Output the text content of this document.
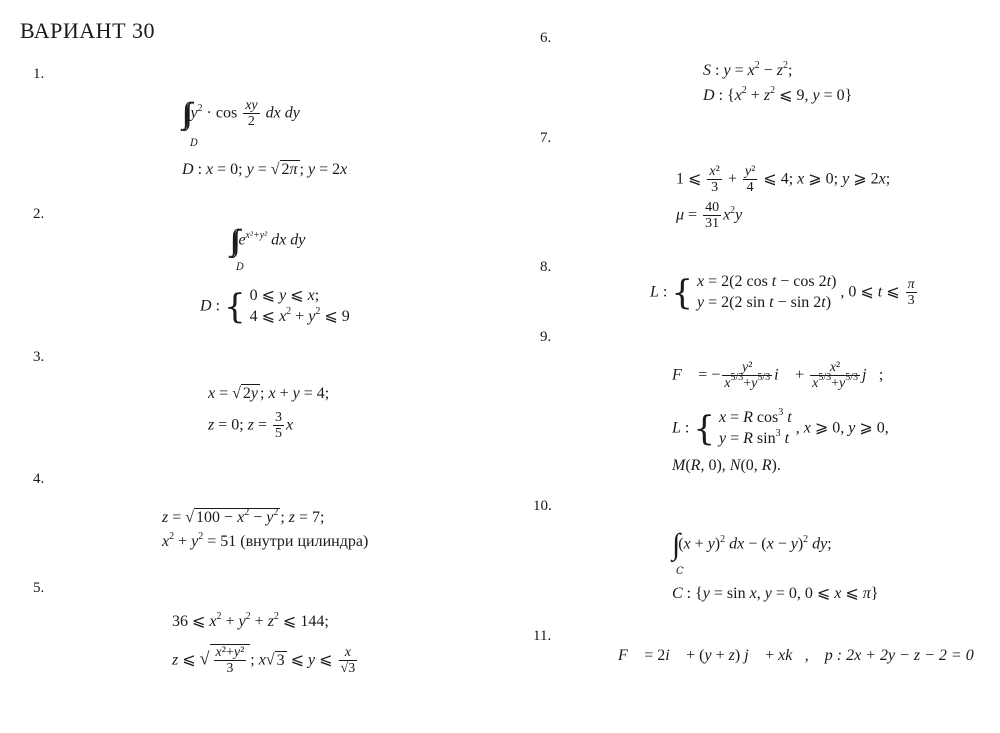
ВАРИАНТ 30
1.
2.
3.
4.
5.
6.
7.
8.
9.
10.
11.
∫∫ $y^2 \cdot \cos \frac{xy}{2}$ dx dy
D
D : x = 0; y = √ 2π ; y = 2x
∫∫ $e^{x^2+y^2}$ dx dy
D
D : { 0 ⩽ y ⩽ x;
4 ⩽ $x^2 + y^2$ ⩽ 9
x = √ 2y ; x + y = 4;
z = 0; $z = \frac{3}{5}$ x
z = √ $100 - x^2 - y^2$ ; z = 7;
$x^2 + y^2 = 51$ (внутри цилиндра)
36 ⩽ $x^2 + y^2 + z^2$ ⩽ 144;
z ⩽ √ $\frac{\text{x²+y²}}{3}$ ; x√ 3 ⩽ y ⩽ $\frac{x}{√3}$
S : $y = x^2 - z^2$;
D : {$x^2 + z^2$ ⩽ 9, y = 0}
1 ⩽ $\frac{\text{x²}}{3} + \frac{\text{y²}}{4}$ ⩽ 4; x ⩾ 0; y ⩾ 2x;
$\mu = \frac{40}{31} x^2y$
L : { x = 2(2 cos t − cos 2t)
y = 2(2 sin t − sin 2t) , 0 ⩽ t ⩽ $\frac{\pi}{3}$
F⃗ = − $\frac{\text{y²}}{x^{5/3}+y^{5/3}}$ i⃗ + $\frac{\text{x²}}{x^{5/3}+y^{5/3}}$ j⃗;
L : { x = R $\cos^3 t$
y = R $\sin^3 t$ , x ⩾ 0, y ⩾ 0,
M(R, 0), N(0, R).
∫ $(x + y)^2$ dx − $(x - y)^2$ dy;
C
C : {y = sin x, y = 0, 0 ⩽ x ⩽ π}
F⃗ = 2i⃗ + (y + z) j⃗ + xk⃗,    p : 2x + 2y − z − 2 = 0
